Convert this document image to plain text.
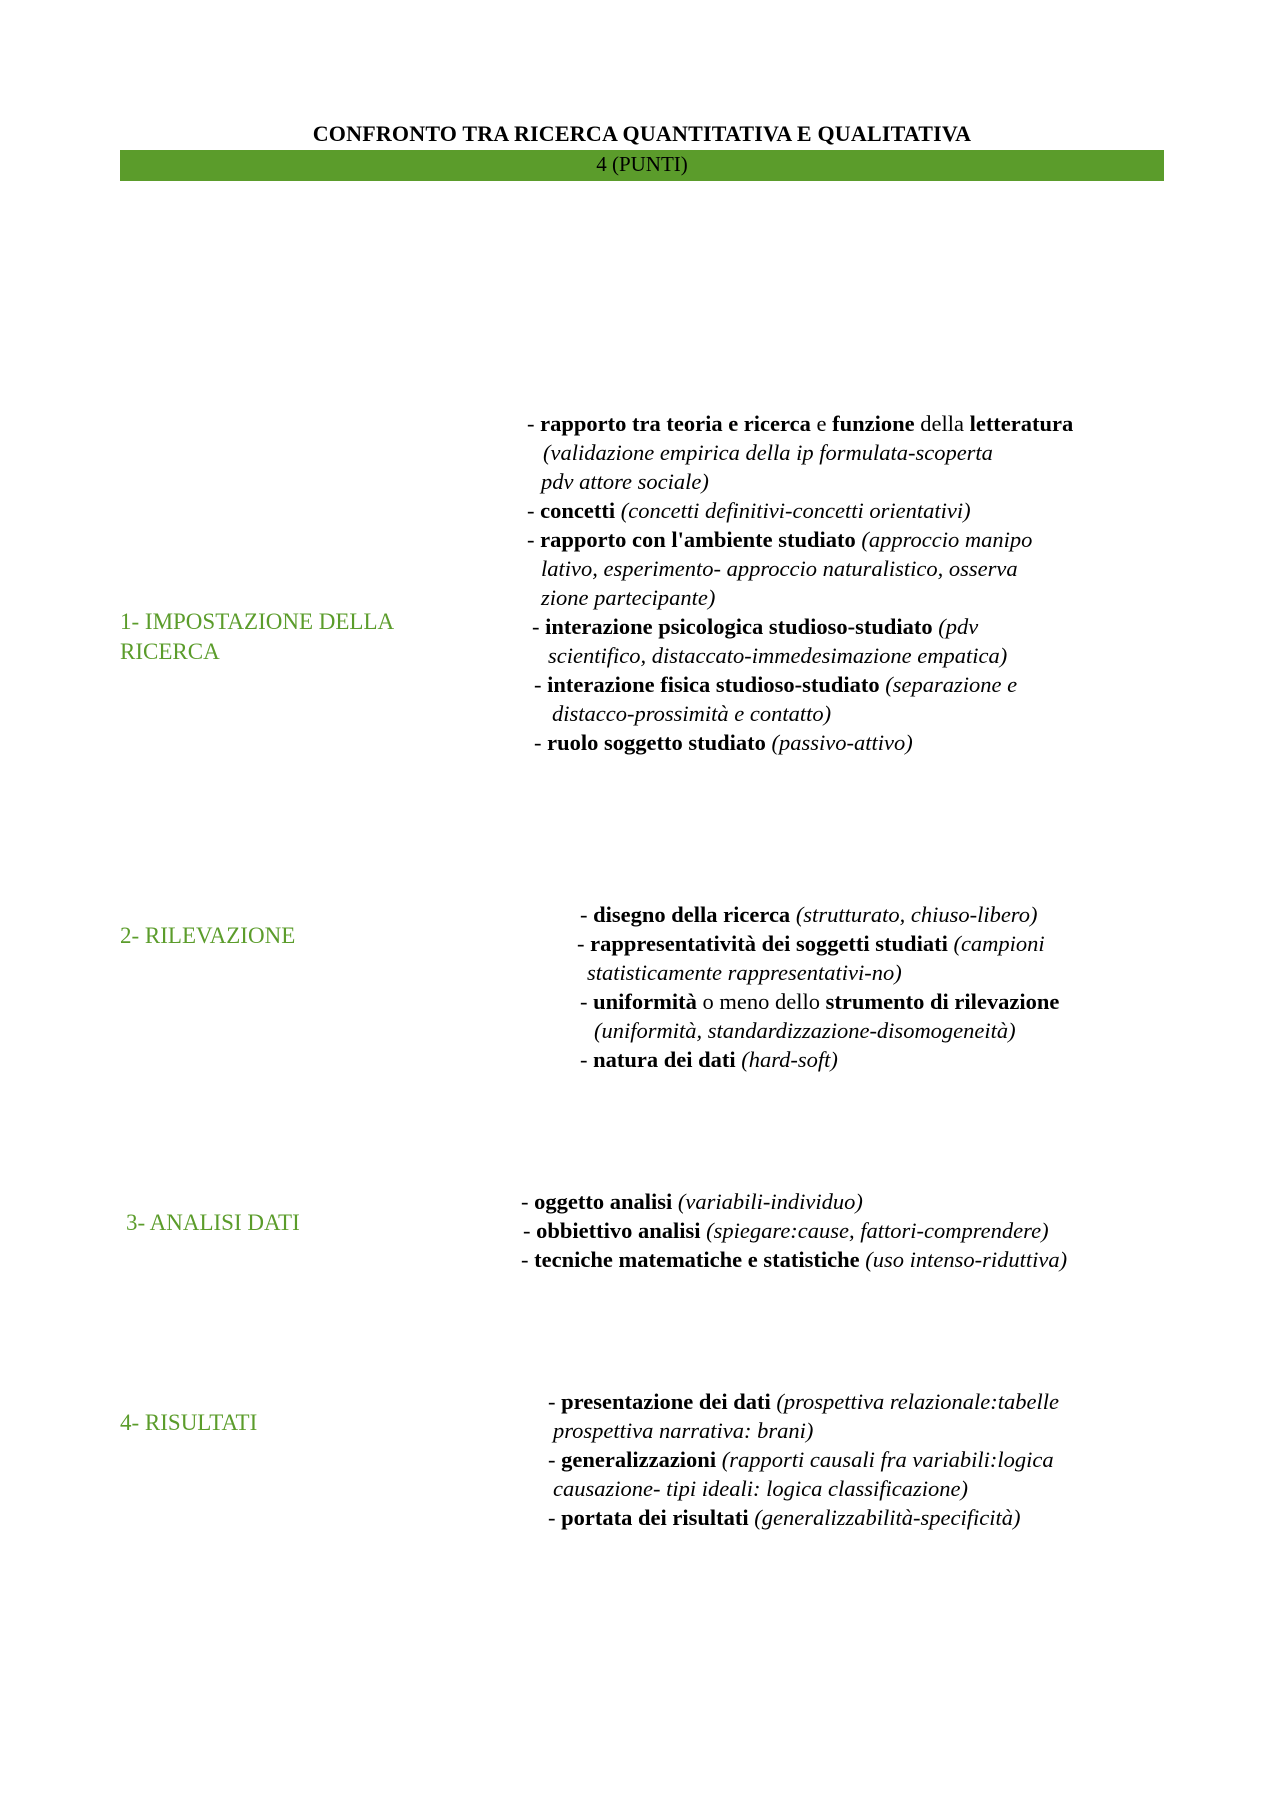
CONFRONTO TRA RICERCA QUANTITATIVA E QUALITATIVA
4 (PUNTI)
1- IMPOSTAZIONE DELLA
RICERCA
2- RILEVAZIONE
3- ANALISI DATI
4- RISULTATI
- rapporto tra teoria e ricerca e funzione della letteratura
(validazione empirica della ip formulata-scoperta
pdv attore sociale)
- concetti (concetti definitivi-concetti orientativi)
- rapporto con l'ambiente studiato (approccio manipo
lativo, esperimento- approccio naturalistico, osserva
zione partecipante)
- interazione psicologica studioso-studiato (pdv
scientifico, distaccato-immedesimazione empatica)
- interazione fisica studioso-studiato (separazione e
distacco-prossimità e contatto)
- ruolo soggetto studiato (passivo-attivo)
- disegno della ricerca (strutturato, chiuso-libero)
- rappresentatività dei soggetti studiati (campioni
statisticamente rappresentativi-no)
- uniformità o meno dello strumento di rilevazione
(uniformità, standardizzazione-disomogeneità)
- natura dei dati (hard-soft)
- oggetto analisi (variabili-individuo)
- obbiettivo analisi (spiegare:cause, fattori-comprendere)
- tecniche matematiche e statistiche (uso intenso-riduttiva)
- presentazione dei dati (prospettiva relazionale:tabelle
prospettiva narrativa: brani)
- generalizzazioni (rapporti causali fra variabili:logica
causazione- tipi ideali: logica classificazione)
- portata dei risultati (generalizzabilità-specificità)
